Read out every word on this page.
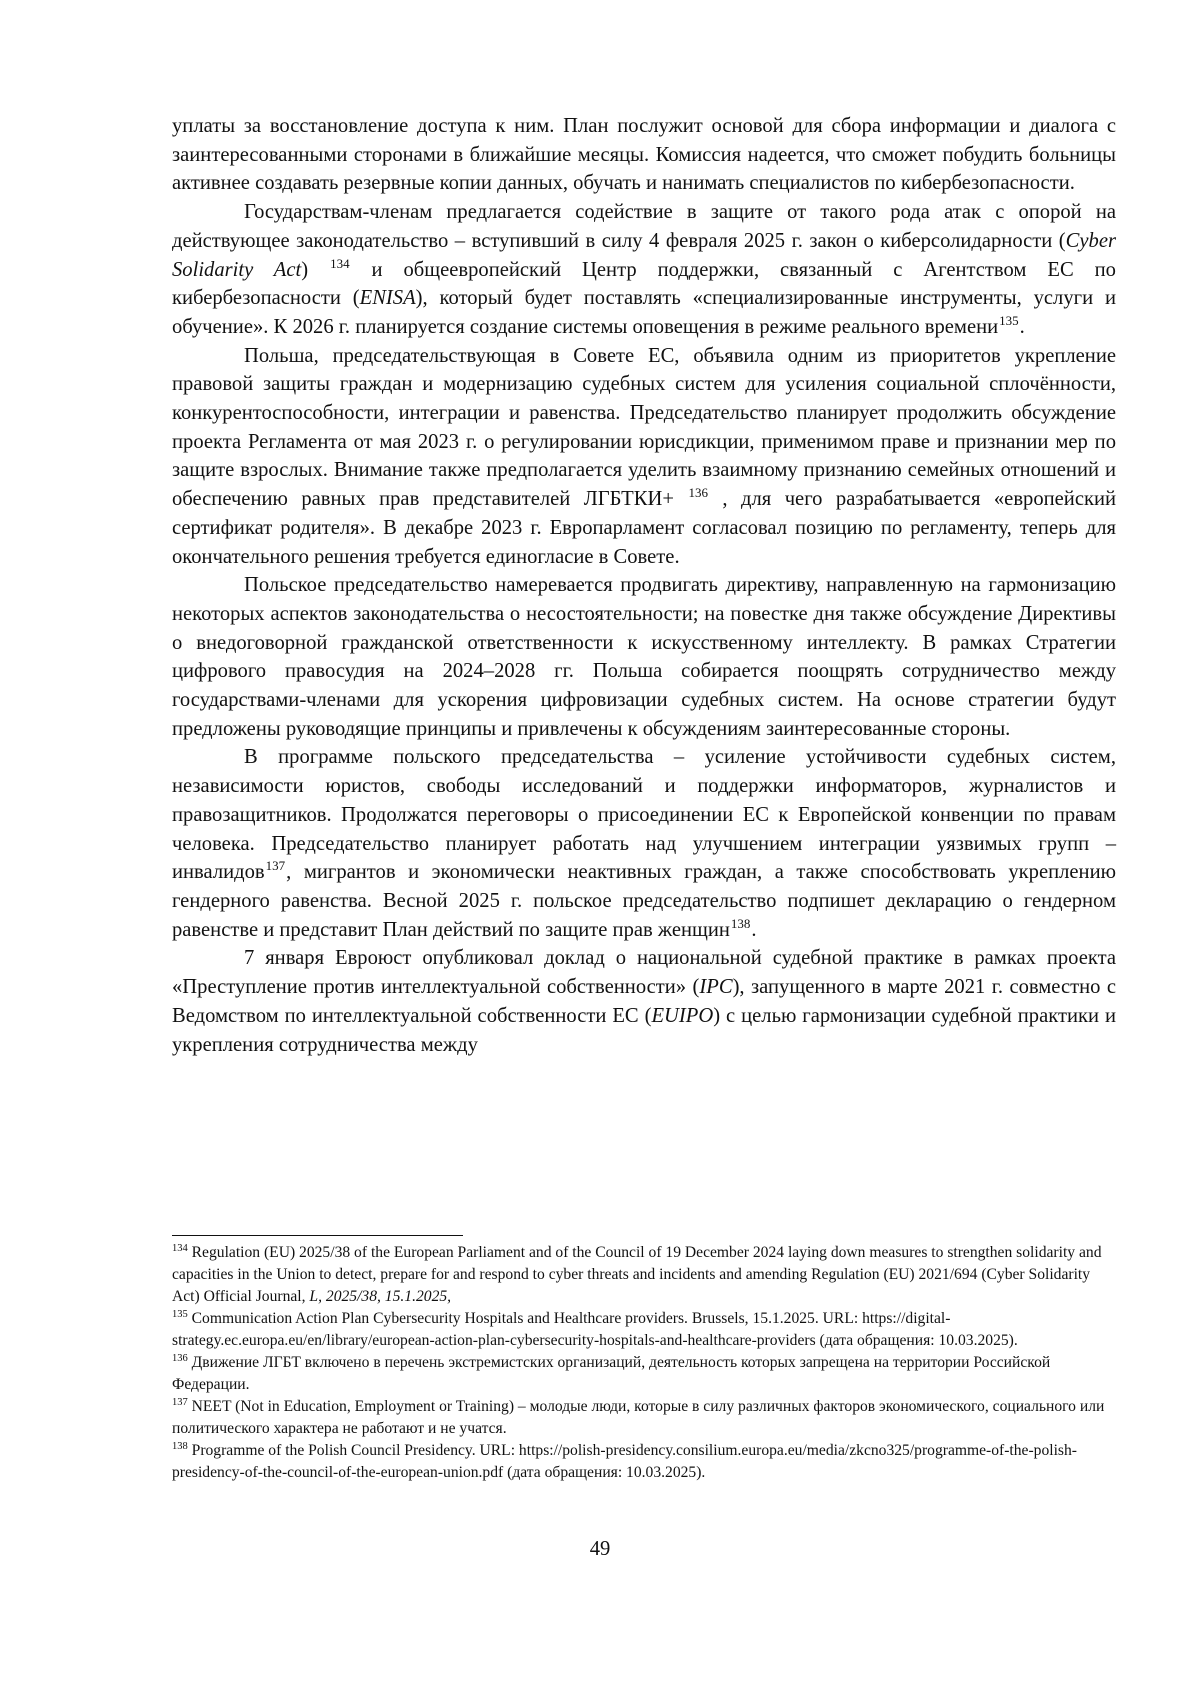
уплаты за восстановление доступа к ним. План послужит основой для сбора информации и диалога с заинтересованными сторонами в ближайшие месяцы. Комиссия надеется, что сможет побудить больницы активнее создавать резервные копии данных, обучать и нанимать специалистов по кибербезопасности.

Государствам-членам предлагается содействие в защите от такого рода атак с опорой на действующее законодательство – вступивший в силу 4 февраля 2025 г. закон о киберсолидарности (Cyber Solidarity Act) $^{134}$ и общеевропейский Центр поддержки, связанный с Агентством ЕС по кибербезопасности (ENISA), который будет поставлять «специализированные инструменты, услуги и обучение». К 2026 г. планируется создание системы оповещения в режиме реального времени$^{135}$.

Польша, председательствующая в Совете ЕС, объявила одним из приоритетов укрепление правовой защиты граждан и модернизацию судебных систем для усиления социальной сплочённости, конкурентоспособности, интеграции и равенства. Председательство планирует продолжить обсуждение проекта Регламента от мая 2023 г. о регулировании юрисдикции, применимом праве и признании мер по защите взрослых. Внимание также предполагается уделить взаимному признанию семейных отношений и обеспечению равных прав представителей ЛГБТКИ+ $^{136}$ , для чего разрабатывается «европейский сертификат родителя». В декабре 2023 г. Европарламент согласовал позицию по регламенту, теперь для окончательного решения требуется единогласие в Совете.

Польское председательство намеревается продвигать директиву, направленную на гармонизацию некоторых аспектов законодательства о несостоятельности; на повестке дня также обсуждение Директивы о внедоговорной гражданской ответственности к искусственному интеллекту. В рамках Стратегии цифрового правосудия на 2024–2028 гг. Польша собирается поощрять сотрудничество между государствами-членами для ускорения цифровизации судебных систем. На основе стратегии будут предложены руководящие принципы и привлечены к обсуждениям заинтересованные стороны.

В программе польского председательства – усиление устойчивости судебных систем, независимости юристов, свободы исследований и поддержки информаторов, журналистов и правозащитников. Продолжатся переговоры о присоединении ЕС к Европейской конвенции по правам человека. Председательство планирует работать над улучшением интеграции уязвимых групп – инвалидов$^{137}$, мигрантов и экономически неактивных граждан, а также способствовать укреплению гендерного равенства. Весной 2025 г. польское председательство подпишет декларацию о гендерном равенстве и представит План действий по защите прав женщин$^{138}$.

7 января Евроюст опубликовал доклад о национальной судебной практике в рамках проекта «Преступление против интеллектуальной собственности» (IPC), запущенного в марте 2021 г. совместно с Ведомством по интеллектуальной собственности ЕС (EUIPO) с целью гармонизации судебной практики и укрепления сотрудничества между

$^{134}$ Regulation (EU) 2025/38 of the European Parliament and of the Council of 19 December 2024 laying down measures to strengthen solidarity and capacities in the Union to detect, prepare for and respond to cyber threats and incidents and amending Regulation (EU) 2021/694 (Cyber Solidarity Act) Official Journal, L, 2025/38, 15.1.2025,

$^{135}$ Communication Action Plan Cybersecurity Hospitals and Healthcare providers. Brussels, 15.1.2025. URL: https://digital-strategy.ec.europa.eu/en/library/european-action-plan-cybersecurity-hospitals-and-healthcare-providers (дата обращения: 10.03.2025).

$^{136}$ Движение ЛГБТ включено в перечень экстремистских организаций, деятельность которых запрещена на территории Российской Федерации.

$^{137}$ NEET (Not in Education, Employment or Training) – молодые люди, которые в силу различных факторов экономического, социального или политического характера не работают и не учатся.

$^{138}$ Programme of the Polish Council Presidency. URL: https://polish-presidency.consilium.europa.eu/media/zkcno325/programme-of-the-polish-presidency-of-the-council-of-the-european-union.pdf (дата обращения: 10.03.2025).

49
